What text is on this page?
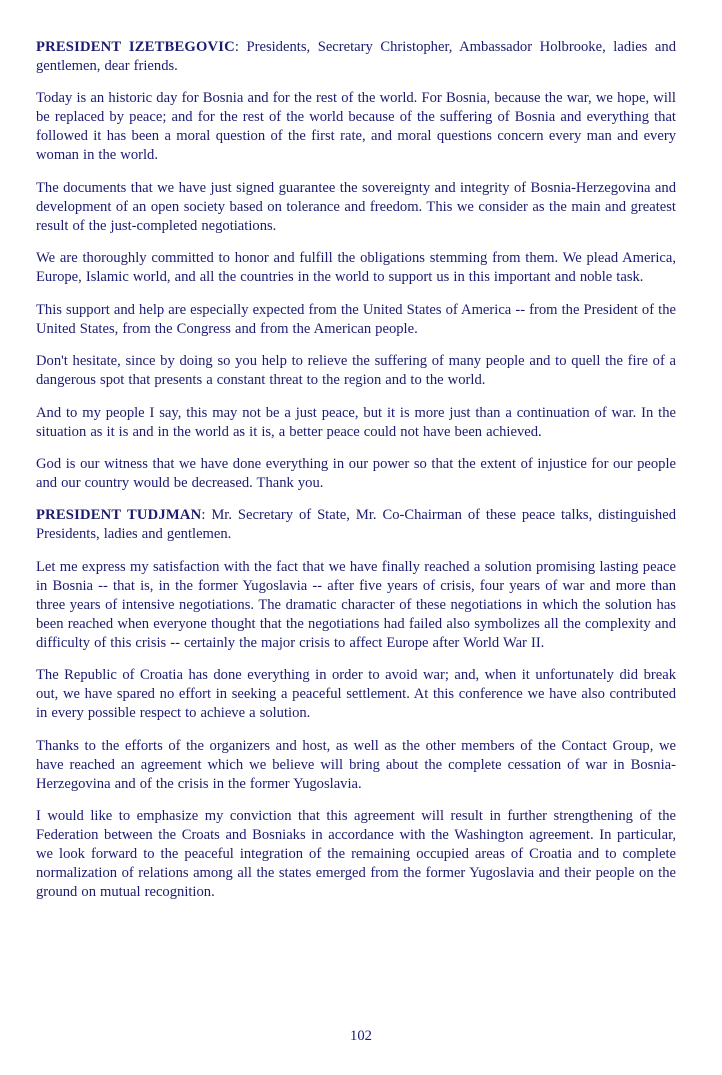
PRESIDENT IZETBEGOVIC: Presidents, Secretary Christopher, Ambassador Holbrooke, ladies and gentlemen, dear friends.

Today is an historic day for Bosnia and for the rest of the world. For Bosnia, because the war, we hope, will be replaced by peace; and for the rest of the world because of the suffering of Bosnia and everything that followed it has been a moral question of the first rate, and moral questions concern every man and every woman in the world.

The documents that we have just signed guarantee the sovereignty and integrity of Bosnia-Herzegovina and development of an open society based on tolerance and freedom. This we consider as the main and greatest result of the just-completed negotiations.

We are thoroughly committed to honor and fulfill the obligations stemming from them. We plead America, Europe, Islamic world, and all the countries in the world to support us in this important and noble task.

This support and help are especially expected from the United States of America -- from the President of the United States, from the Congress and from the American people.

Don't hesitate, since by doing so you help to relieve the suffering of many people and to quell the fire of a dangerous spot that presents a constant threat to the region and to the world.

And to my people I say, this may not be a just peace, but it is more just than a continuation of war. In the situation as it is and in the world as it is, a better peace could not have been achieved.

God is our witness that we have done everything in our power so that the extent of injustice for our people and our country would be decreased. Thank you.

PRESIDENT TUDJMAN: Mr. Secretary of State, Mr. Co-Chairman of these peace talks, distinguished Presidents, ladies and gentlemen.

Let me express my satisfaction with the fact that we have finally reached a solution promising lasting peace in Bosnia -- that is, in the former Yugoslavia -- after five years of crisis, four years of war and more than three years of intensive negotiations. The dramatic character of these negotiations in which the solution has been reached when everyone thought that the negotiations had failed also symbolizes all the complexity and difficulty of this crisis -- certainly the major crisis to affect Europe after World War II.

The Republic of Croatia has done everything in order to avoid war; and, when it unfortunately did break out, we have spared no effort in seeking a peaceful settlement. At this conference we have also contributed in every possible respect to achieve a solution.

Thanks to the efforts of the organizers and host, as well as the other members of the Contact Group, we have reached an agreement which we believe will bring about the complete cessation of war in Bosnia-Herzegovina and of the crisis in the former Yugoslavia.

I would like to emphasize my conviction that this agreement will result in further strengthening of the Federation between the Croats and Bosniaks in accordance with the Washington agreement. In particular, we look forward to the peaceful integration of the remaining occupied areas of Croatia and to complete normalization of relations among all the states emerged from the former Yugoslavia and their people on the ground on mutual recognition.

102
